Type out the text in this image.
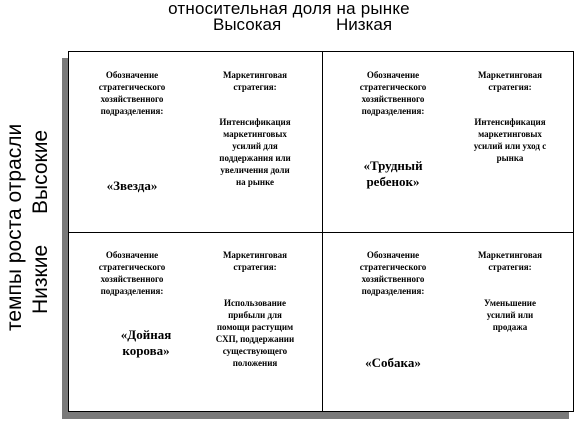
относительная доля на рынке
Высокая	Низкая
темпы роста отрасли Высокие
Низкие
Обозначение
стратегического
хозяйственного
подразделения:
«Звезда»
Маркетинговая
стратегия:
Интенсификация
маркетинговых
усилий для
поддержания или
увеличения доли
на рынке
Обозначение
стратегического
хозяйственного
подразделения:
«Трудный
ребенок»
Маркетинговая
стратегия:
Интенсификация
маркетинговых
усилий или уход с
рынка
Обозначение
стратегического
хозяйственного
подразделения:
«Дойная
корова»
Маркетинговая
стратегия:
Использование
прибыли для
помощи растущим
СХП, поддержании
существующего
положения
Обозначение
стратегического
хозяйственного
подразделения:
«Собака»
Маркетинговая
стратегия:
Уменьшение
усилий или
продажа
